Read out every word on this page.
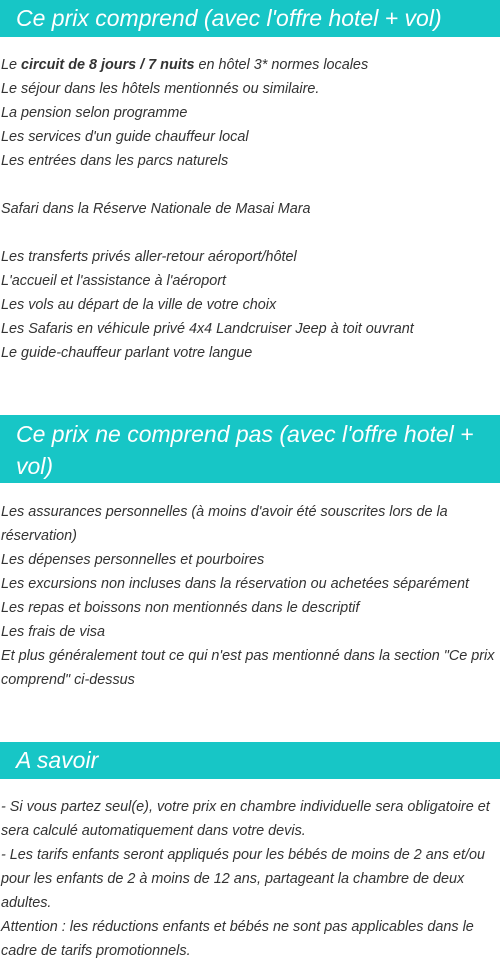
Ce prix comprend (avec l'offre hotel + vol)

Le circuit de 8 jours / 7 nuits en hôtel 3* normes locales

Le séjour dans les hôtels mentionnés ou similaire.

La pension selon programme

Les services d'un guide chauffeur local

Les entrées dans les parcs naturels

Safari dans la Réserve Nationale de Masai Mara

Les transferts privés aller-retour aéroport/hôtel

L'accueil et l'assistance à l'aéroport

Les vols au départ de la ville de votre choix

Les Safaris en véhicule privé 4x4 Landcruiser Jeep à toit ouvrant

Le guide-chauffeur parlant votre langue

Ce prix ne comprend pas (avec l'offre hotel + vol)

Les assurances personnelles (à moins d'avoir été souscrites lors de la réservation)

Les dépenses personnelles et pourboires

Les excursions non incluses dans la réservation ou achetées séparément

Les repas et boissons non mentionnés dans le descriptif

Les frais de visa

Et plus généralement tout ce qui n'est pas mentionné dans la section "Ce prix comprend" ci-dessus

A savoir

- Si vous partez seul(e), votre prix en chambre individuelle sera obligatoire et sera calculé automatiquement dans votre devis.

- Les tarifs enfants seront appliqués pour les bébés de moins de 2 ans et/ou pour les enfants de 2 à moins de 12 ans, partageant la chambre de deux adultes.

Attention : les réductions enfants et bébés ne sont pas applicables dans le cadre de tarifs promotionnels.
